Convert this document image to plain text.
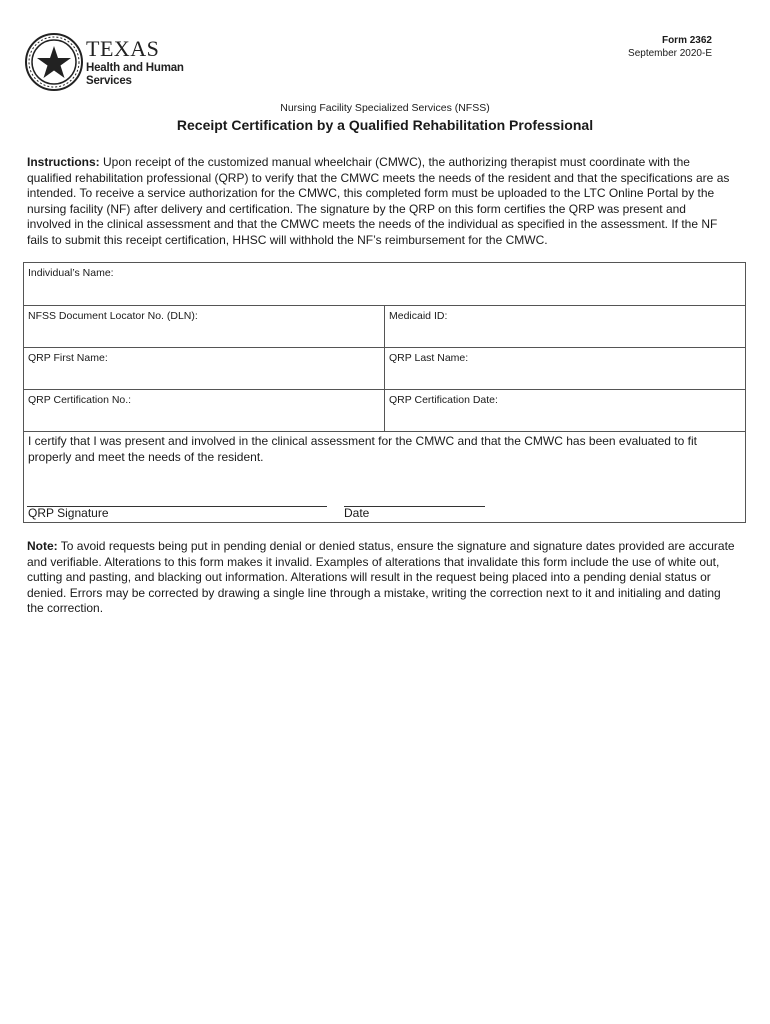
TEXAS
Health and Human
Services
Form 2362
September 2020-E
Nursing Facility Specialized Services (NFSS)
Receipt Certification by a Qualified Rehabilitation Professional
Instructions: Upon receipt of the customized manual wheelchair (CMWC), the authorizing therapist must coordinate with the qualified rehabilitation professional (QRP) to verify that the CMWC meets the needs of the resident and that the specifications are as intended. To receive a service authorization for the CMWC, this completed form must be uploaded to the LTC Online Portal by the nursing facility (NF) after delivery and certification. The signature by the QRP on this form certifies the QRP was present and involved in the clinical assessment and that the CMWC meets the needs of the individual as specified in the assessment. If the NF fails to submit this receipt certification, HHSC will withhold the NF’s reimbursement for the CMWC.
Individual’s Name:	
NFSS Document Locator No. (DLN):	Medicaid ID:
QRP First Name:	QRP Last Name:
QRP Certification No.:	QRP Certification Date:
I certify that I was present and involved in the clinical assessment for the CMWC and that the CMWC has been evaluated to fit properly and meet the needs of the resident.
QRP Signature	Date
Note: To avoid requests being put in pending denial or denied status, ensure the signature and signature dates provided are accurate and verifiable. Alterations to this form makes it invalid. Examples of alterations that invalidate this form include the use of white out, cutting and pasting, and blacking out information. Alterations will result in the request being placed into a pending denial status or denied. Errors may be corrected by drawing a single line through a mistake, writing the correction next to it and initialing and dating the correction.
